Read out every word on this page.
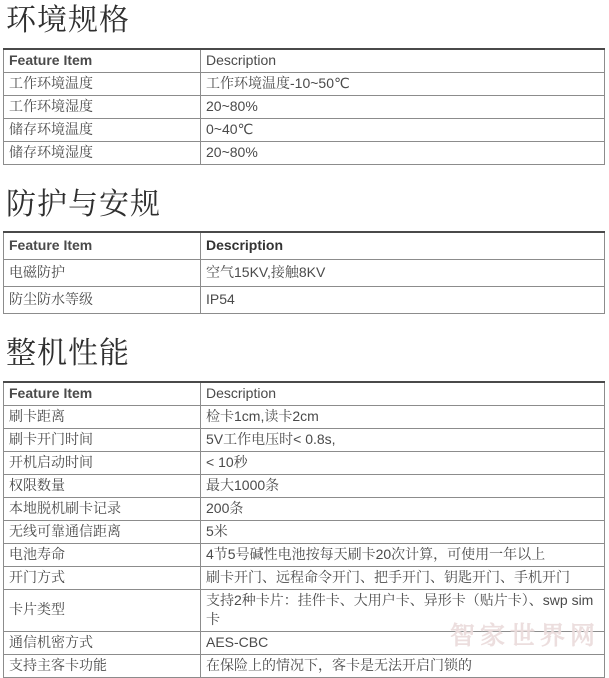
环境规格
Feature Item	Description
工作环境温度	工作环境温度-10~50℃
工作环境湿度	20~80%
储存环境温度	0~40℃
储存环境湿度	20~80%
防护与安规
Feature Item	Description
电磁防护	空气15KV,接触8KV
防尘防水等级	IP54
整机性能
Feature Item	Description
刷卡距离	检卡1cm,读卡2cm
刷卡开门时间	5V工作电压时< 0.8s,
开机启动时间	< 10秒
权限数量	最大1000条
本地脱机刷卡记录	200条
无线可靠通信距离	5米
电池寿命	4节5号碱性电池按每天刷卡20次计算，可使用一年以上
开门方式	刷卡开门、远程命令开门、把手开门、钥匙开门、手机开门
卡片类型	支持2种卡片：挂件卡、大用户卡、异形卡（贴片卡）、swp sim卡
通信机密方式	AES-CBC
支持主客卡功能	在保险上的情况下，客卡是无法开启门锁的
智家世界网
